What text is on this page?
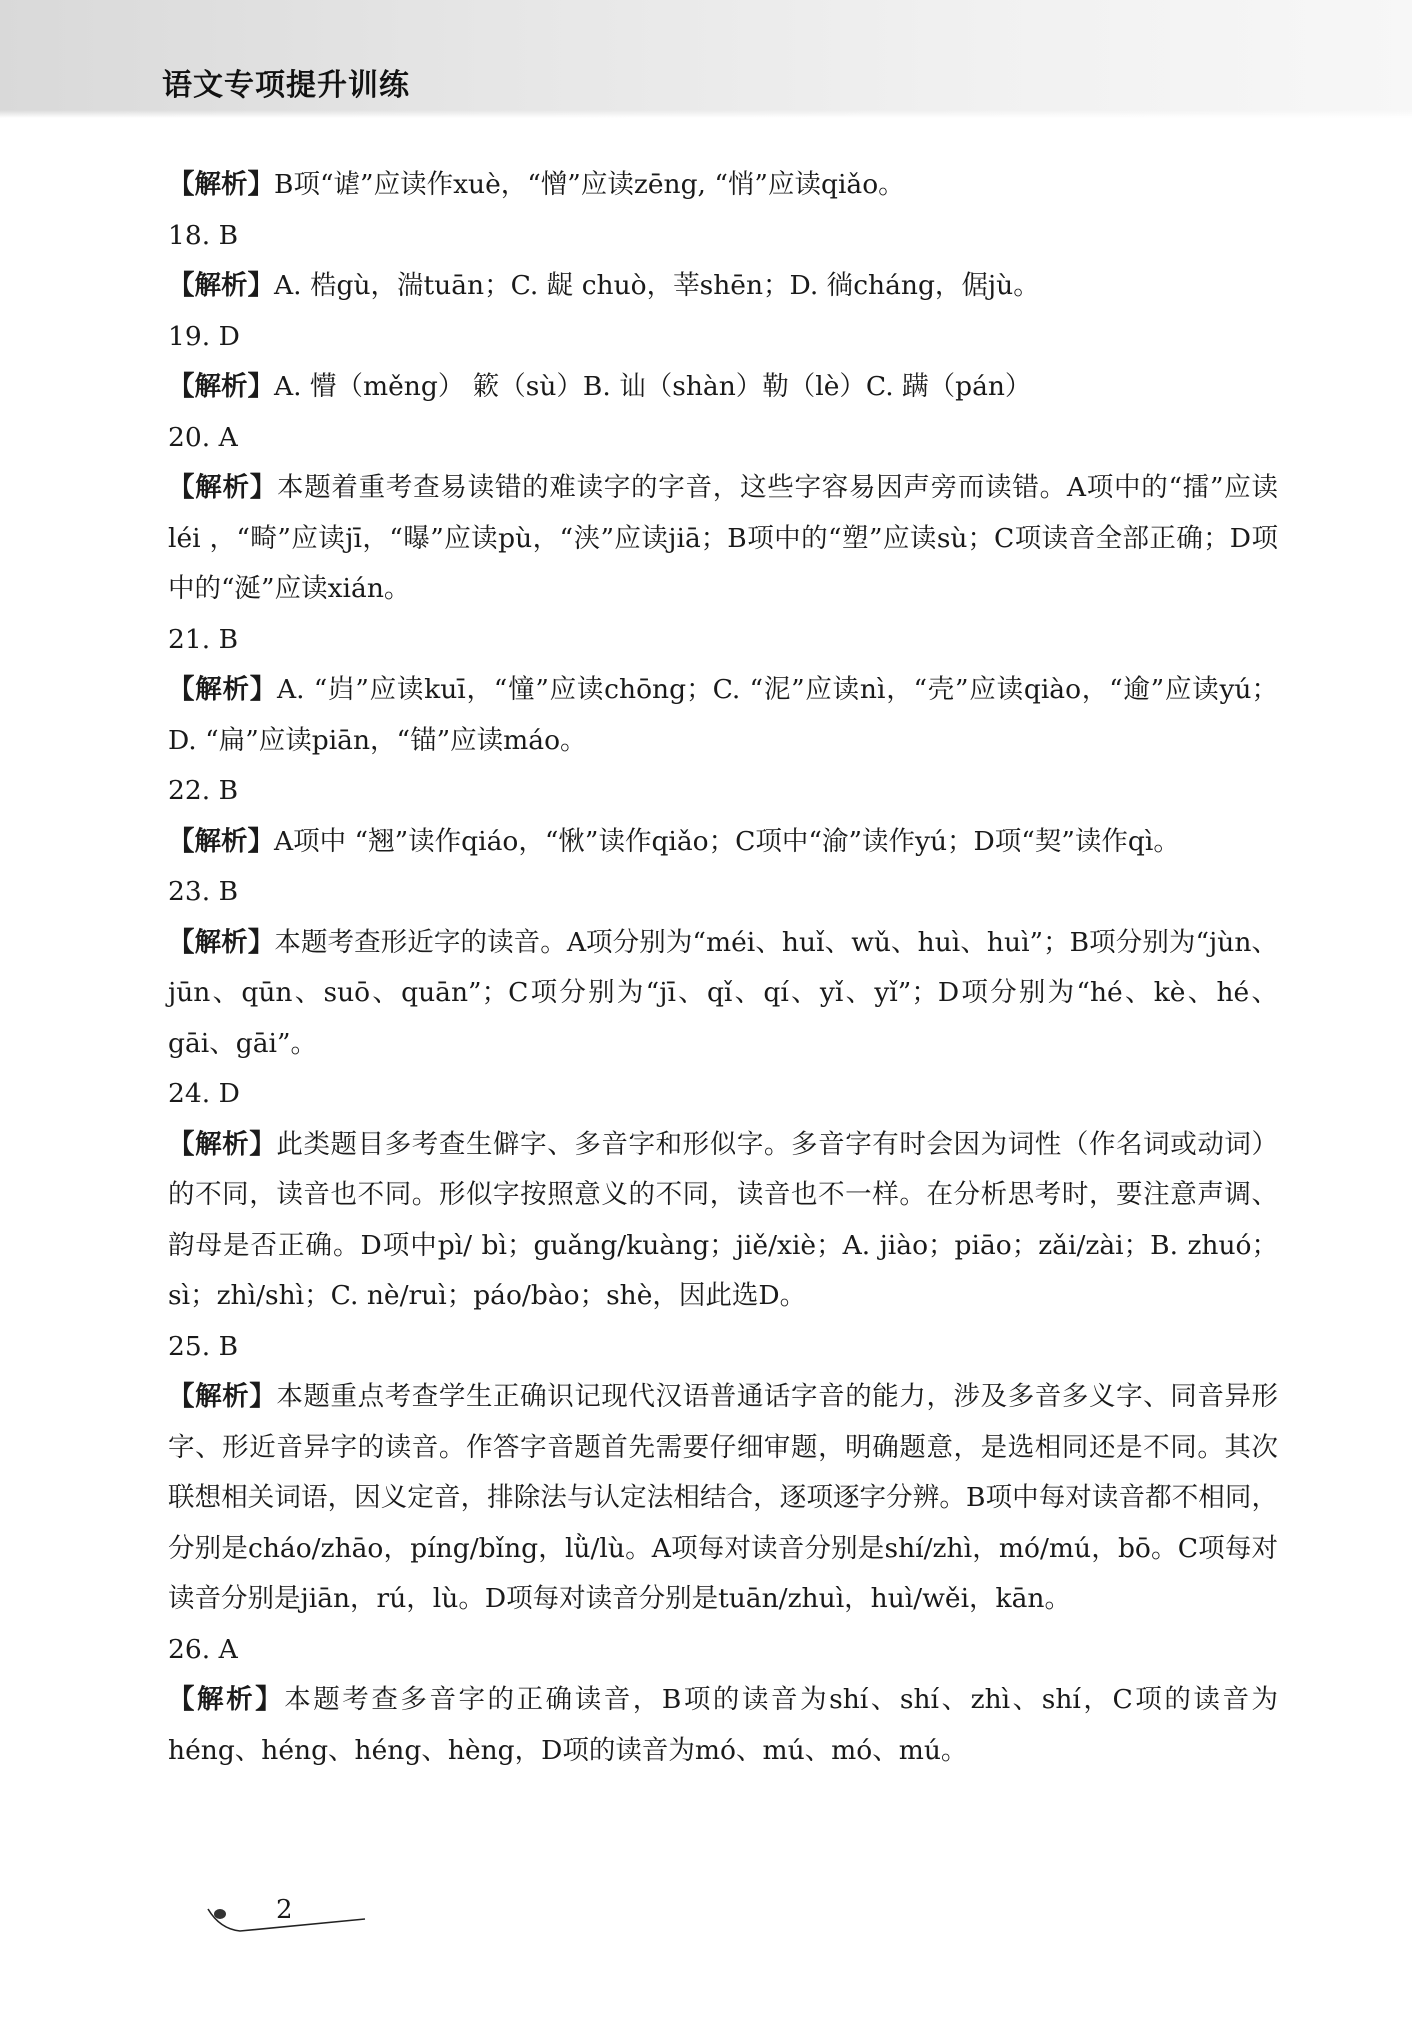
语文专项提升训练

【解析】B项“谑”应读作xuè，“憎”应读zēng, “悄”应读qiǎo。

18. B

【解析】A. 梏gù，湍tuān；C. 龊 chuò，莘shēn；D. 徜cháng，倨jù。

19. D

【解析】A. 懵（měng） 簌（sù）B. 讪（shàn）勒（lè）C. 蹒（pán）

20. A

【解析】本题着重考查易读错的难读字的字音，这些字容易因声旁而读错。A项中的“擂”应读léi ，“畸”应读jī，“曝”应读pù，“浃”应读jiā；B项中的“塑”应读sù；C项读音全部正确；D项中的“涎”应读xián。

21. B

【解析】A. “岿”应读kuī，“憧”应读chōng；C. “泥”应读nì，“壳”应读qiào，“逾”应读yú；D. “扁”应读piān，“锚”应读máo。

22. B

【解析】A项中 “翘”读作qiáo，“愀”读作qiǎo；C项中“渝”读作yú；D项“契”读作qì。

23. B

【解析】本题考查形近字的读音。A项分别为“méi、huǐ、wǔ、huì、huì”；B项分别为“jùn、jūn、qūn、suō、quān”；C项分别为“jī、qǐ、qí、yǐ、yǐ”；D项分别为“hé、kè、hé、gāi、gāi”。

24. D

【解析】此类题目多考查生僻字、多音字和形似字。多音字有时会因为词性（作名词或动词）的不同，读音也不同。形似字按照意义的不同，读音也不一样。在分析思考时，要注意声调、韵母是否正确。D项中pì/ bì；guǎng/kuàng；jiě/xiè；A. jiào；piāo；zǎi/zài；B. zhuó；sì；zhì/shì；C. nè/ruì；páo/bào；shè，因此选D。

25. B

【解析】本题重点考查学生正确识记现代汉语普通话字音的能力，涉及多音多义字、同音异形字、形近音异字的读音。作答字音题首先需要仔细审题，明确题意，是选相同还是不同。其次联想相关词语，因义定音，排除法与认定法相结合，逐项逐字分辨。B项中每对读音都不相同，分别是cháo/zhāo，píng/bǐng，lǜ/lù。A项每对读音分别是shí/zhì，mó/mú，bō。C项每对读音分别是jiān，rú，lù。D项每对读音分别是tuān/zhuì，huì/wěi，kān。

26. A

【解析】本题考查多音字的正确读音，B项的读音为shí、shí、zhì、shí，C项的读音为héng、héng、héng、hèng，D项的读音为mó、mú、mó、mú。

2
